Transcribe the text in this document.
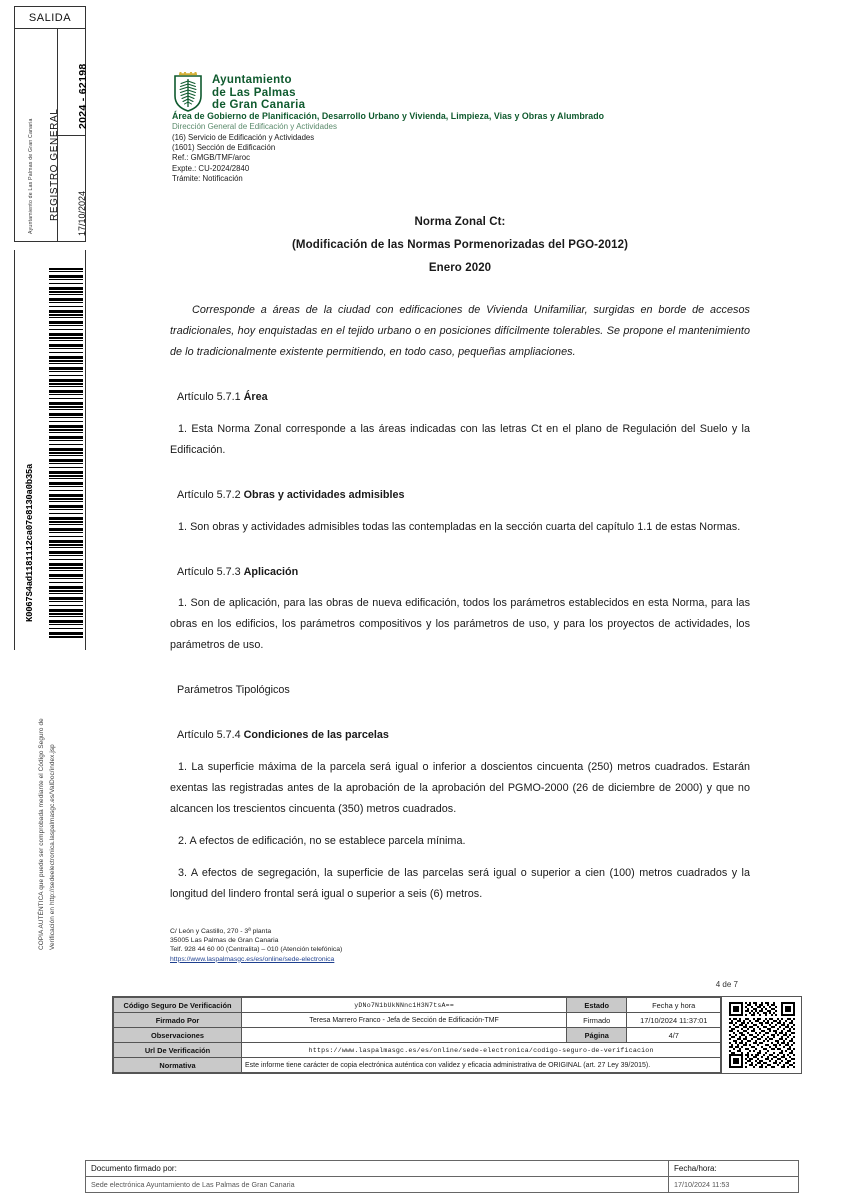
SALIDA
Ayuntamiento de Las Palmas de Gran Canaria REGISTRO GENERAL
2024 - 62198
17/10/2024
K0067S4ad1181112ca07e8130a0b35a
COPIA AUTÉNTICA que puede ser comprobada mediante el Código Seguro de Verificación en http://sedeelectronica.laspalmasgc.es/ValDoc/index.jsp
Ayuntamiento
de Las Palmas
de Gran Canaria
Área de Gobierno de Planificación, Desarrollo Urbano y Vivienda, Limpieza, Vias y Obras y Alumbrado
Dirección General de Edificación y Actividades
(16) Servicio de Edificación y Actividades
(1601) Sección de Edificación
Ref.: GMGB/TMF/aroc
Expte.: CU-2024/2840
Trámite: Notificación
Norma Zonal Ct:
(Modificación de las Normas Pormenorizadas del PGO-2012)
Enero 2020

Corresponde a áreas de la ciudad con edificaciones de Vivienda Unifamiliar, surgidas en borde de accesos tradicionales, hoy enquistadas en el tejido urbano o en posiciones difícilmente tolerables. Se propone el mantenimiento de lo tradicionalmente existente permitiendo, en todo caso, pequeñas ampliaciones.

Artículo 5.7.1 Área

1. Esta Norma Zonal corresponde a las áreas indicadas con las letras Ct en el plano de Regulación del Suelo y la Edificación.

Artículo 5.7.2 Obras y actividades admisibles

1. Son obras y actividades admisibles todas las contempladas en la sección cuarta del capítulo 1.1 de estas Normas.

Artículo 5.7.3 Aplicación

1. Son de aplicación, para las obras de nueva edificación, todos los parámetros establecidos en esta Norma, para las obras en los edificios, los parámetros compositivos y los parámetros de uso, y para los proyectos de actividades, los parámetros de uso.

Parámetros Tipológicos
Artículo 5.7.4 Condiciones de las parcelas

1. La superficie máxima de la parcela será igual o inferior a doscientos cincuenta (250) metros cuadrados. Estarán exentas las registradas antes de la aprobación de la aprobación del PGMO-2000 (26 de diciembre de 2000) y que no alcancen los trescientos cincuenta (350) metros cuadrados.

2. A efectos de edificación, no se establece parcela mínima.

3. A efectos de segregación, la superficie de las parcelas será igual o superior a cien (100) metros cuadrados y la longitud del lindero frontal será igual o superior a seis (6) metros.

C/ León y Castillo, 270 - 3ª planta
35005 Las Palmas de Gran Canaria
Telf. 928 44 60 00 (Centralita) – 010 (Atención telefónica)
https://www.laspalmasgc.es/es/online/sede-electronica
4 de 7
Código Seguro De Verificación	yDNo7N1bUkNNnc1H3N7tsA==	Estado	Fecha y hora
Firmado Por	Teresa Marrero Franco - Jefa de Sección de Edificación-TMF	Firmado	17/10/2024 11:37:01
Observaciones		Página	4/7
Url De Verificación	https://www.laspalmasgc.es/es/online/sede-electronica/codigo-seguro-de-verificacion		
Normativa	Este informe tiene carácter de copia electrónica auténtica con validez y eficacia administrativa de ORIGINAL (art. 27 Ley 39/2015).		
Documento firmado por:	Fecha/hora:
Sede electrónica Ayuntamiento de Las Palmas de Gran Canaria	17/10/2024 11:53
